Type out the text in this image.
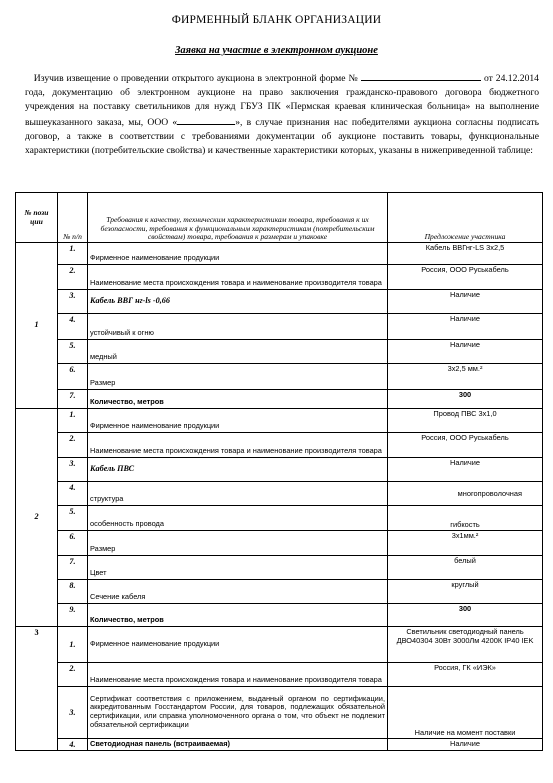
ФИРМЕННЫЙ БЛАНК ОРГАНИЗАЦИИ
Заявка на участие в электронном аукционе

Изучив извещение о проведении открытого аукциона в электронной форме №	от 24.12.2014 года, документацию об электронном аукционе на право заключения гражданско-правового договора бюджетного учреждения на поставку светильников для нужд ГБУЗ ПК «Пермская краевая клиническая больница» на выполнение вышеуказанного заказа, мы, ООО «	», в случае признания нас победителями аукциона согласны подписать договор, а также в соответствии с требованиями документации об аукционе поставить товары, функциональные характеристики (потребительские свойства) и качественные характеристики которых, указаны в нижеприведенной таблице:

№ пози ции	№ п/п	Требования к качеству, техническим характеристикам товара, требования к их безопасности, требования к функциональным характеристикам (потребительским свойствам) товара, требования к размерам и упаковке	Предложение участника
1	1.	Фирменное наименование продукции	Кабель ВВГнг-LS 3x2,5
	2.	Наименование места происхождения товара и наименование производителя товара	Россия, ООО Руськабель
	3.	Кабель ВВГ нг-ls -0,66	Наличие
	4.	устойчивый к огню	Наличие
	5.	медный	Наличие
	6.	Размер	3х2,5 мм.²
	7.	Количество, метров	300
2	1.	Фирменное наименование продукции	Провод ПВС 3х1,0
	2.	Наименование места происхождения товара и наименование производителя товара	Россия, ООО Руськабель
	3.	Кабель ПВС	Наличие
	4.	структура	многопроволочная
	5.	особенность провода	гибкость
	6.	Размер	3х1мм.²
	7.	Цвет	белый
	8.	Сечение кабеля	круглый
	9.	Количество, метров	300
3	1.	Фирменное наименование продукции	Светильник светодиодный панель ДВО40304 30Вт 3000Лм 4200К IP40 IEK
	2.	Наименование места происхождения товара и наименование производителя товара	Россия, ГК «ИЭК»
	3.	Сертификат соответствия с приложением, выданный органом по сертификации, аккредитованным Госстандартом России, для товаров, подлежащих обязательной сертификации, или справка уполномоченного органа о том, что объект не подлежит обязательной сертификации	Наличие на момент поставки
	4.	Светодиодная панель (встраиваемая)	Наличие
